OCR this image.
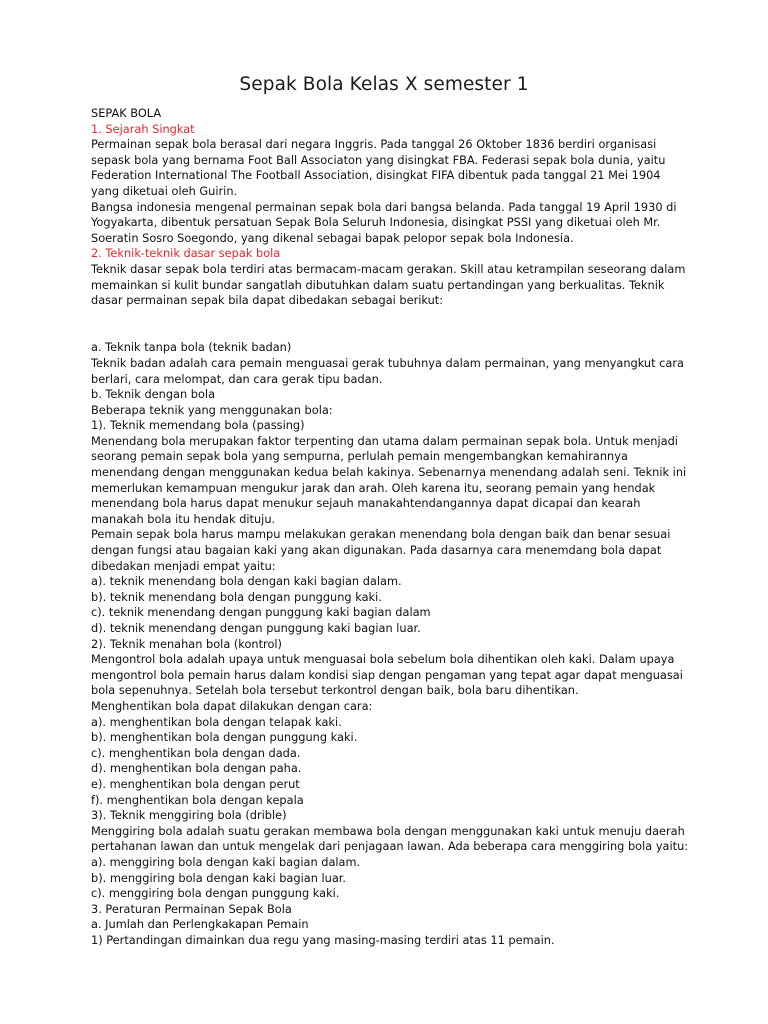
Sepak Bola Kelas X semester 1
SEPAK BOLA
1. Sejarah Singkat
Permainan sepak bola berasal dari negara Inggris. Pada tanggal 26 Oktober 1836 berdiri organisasi
sepask bola yang bernama Foot Ball Associaton yang disingkat FBA. Federasi sepak bola dunia, yaitu
Federation International The Football Association, disingkat FIFA dibentuk pada tanggal 21 Mei 1904
yang diketuai oleh Guirin.
Bangsa indonesia mengenal permainan sepak bola dari bangsa belanda. Pada tanggal 19 April 1930 di
Yogyakarta, dibentuk persatuan Sepak Bola Seluruh Indonesia, disingkat PSSI yang diketuai oleh Mr.
Soeratin Sosro Soegondo, yang dikenal sebagai bapak pelopor sepak bola Indonesia.
2. Teknik-teknik dasar sepak bola
Teknik dasar sepak bola terdiri atas bermacam-macam gerakan. Skill atau ketrampilan seseorang dalam
memainkan si kulit bundar sangatlah dibutuhkan dalam suatu pertandingan yang berkualitas. Teknik
dasar permainan sepak bila dapat dibedakan sebagai berikut:
a. Teknik tanpa bola (teknik badan)
Teknik badan adalah cara pemain menguasai gerak tubuhnya dalam permainan, yang menyangkut cara
berlari, cara melompat, dan cara gerak tipu badan.
b. Teknik dengan bola
Beberapa teknik yang menggunakan bola:
1). Teknik memendang bola (passing)
Menendang bola merupakan faktor terpenting dan utama dalam permainan sepak bola. Untuk menjadi
seorang pemain sepak bola yang sempurna, perlulah pemain mengembangkan kemahirannya
menendang dengan menggunakan kedua belah kakinya. Sebenarnya menendang adalah seni. Teknik ini
memerlukan kemampuan mengukur jarak dan arah. Oleh karena itu, seorang pemain yang hendak
menendang bola harus dapat menukur sejauh manakahtendangannya dapat dicapai dan kearah
manakah bola itu hendak dituju.
Pemain sepak bola harus mampu melakukan gerakan menendang bola dengan baik dan benar sesuai
dengan fungsi atau bagaian kaki yang akan digunakan. Pada dasarnya cara menemdang bola dapat
dibedakan menjadi empat yaitu:
a). teknik menendang bola dengan kaki bagian dalam.
b). teknik menendang bola dengan punggung kaki.
c). teknik menendang dengan punggung kaki bagian dalam
d). teknik menendang dengan punggung kaki bagian luar.
2). Teknik menahan bola (kontrol)
Mengontrol bola adalah upaya untuk menguasai bola sebelum bola dihentikan oleh kaki. Dalam upaya
mengontrol bola pemain harus dalam kondisi siap dengan pengaman yang tepat agar dapat menguasai
bola sepenuhnya. Setelah bola tersebut terkontrol dengan baik, bola baru dihentikan.
Menghentikan bola dapat dilakukan dengan cara:
a). menghentikan bola dengan telapak kaki.
b). menghentikan bola dengan punggung kaki.
c). menghentikan bola dengan dada.
d). menghentikan bola dengan paha.
e). menghentikan bola dengan perut
f). menghentikan bola dengan kepala
3). Teknik menggiring bola (drible)
Menggiring bola adalah suatu gerakan membawa bola dengan menggunakan kaki untuk menuju daerah
pertahanan lawan dan untuk mengelak dari penjagaan lawan. Ada beberapa cara menggiring bola yaitu:
a). menggiring bola dengan kaki bagian dalam.
b). menggiring bola dengan kaki bagian luar.
c). menggiring bola dengan punggung kaki.
3. Peraturan Permainan Sepak Bola
a. Jumlah dan Perlengkakapan Pemain
1) Pertandingan dimainkan dua regu yang masing-masing terdiri atas 11 pemain.
